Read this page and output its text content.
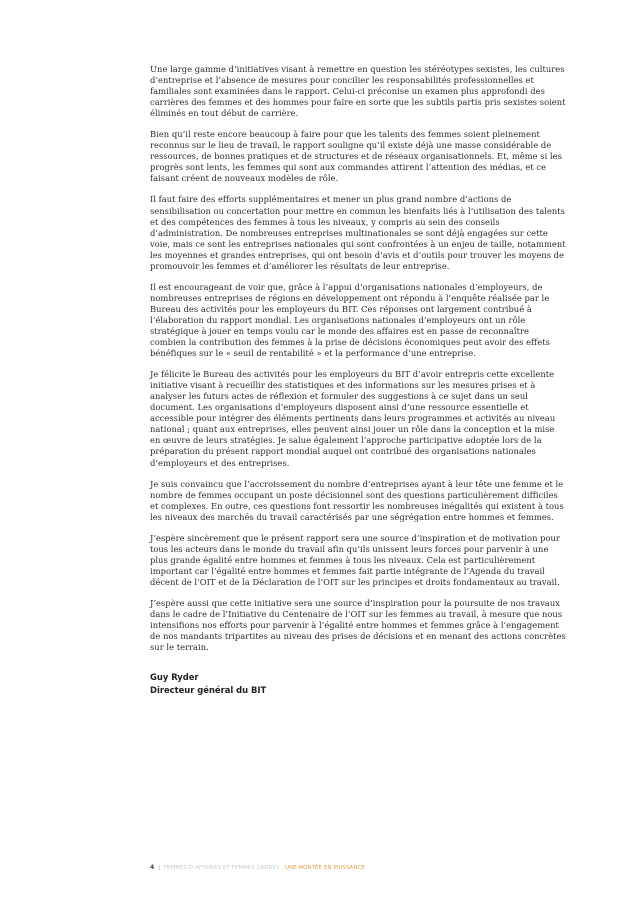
Une large gamme d’initiatives visant à remettre en question les stéréotypes sexistes, les cultures d’entreprise et l’absence de mesures pour concilier les responsabilités professionnelles et familiales sont examinées dans le rapport. Celui-ci préconise un examen plus approfondi des carrières des femmes et des hommes pour faire en sorte que les subtils partis pris sexistes soient éliminés en tout début de carrière.

Bien qu’il reste encore beaucoup à faire pour que les talents des femmes soient pleinement reconnus sur le lieu de travail, le rapport souligne qu’il existe déjà une masse considérable de ressources, de bonnes pratiques et de structures et de réseaux organisationnels. Et, même si les progrès sont lents, les femmes qui sont aux commandes attirent l’attention des médias, et ce faisant créent de nouveaux modèles de rôle.

Il faut faire des efforts supplémentaires et mener un plus grand nombre d’actions de sensibilisation ou concertation pour mettre en commun les bienfaits liés à l’utilisation des talents et des compétences des femmes à tous les niveaux, y compris au sein des conseils d’administration. De nombreuses entreprises multinationales se sont déjà engagées sur cette voie, mais ce sont les entreprises nationales qui sont confrontées à un enjeu de taille, notamment les moyennes et grandes entreprises, qui ont besoin d’avis et d’outils pour trouver les moyens de promouvoir les femmes et d’améliorer les résultats de leur entreprise.

Il est encourageant de voir que, grâce à l’appui d’organisations nationales d’employeurs, de nombreuses entreprises de régions en développement ont répondu à l’enquête réalisée par le Bureau des activités pour les employeurs du BIT. Ces réponses ont largement contribué à l’élaboration du rapport mondial. Les organisations nationales d’employeurs ont un rôle stratégique à jouer en temps voulu car le monde des affaires est en passe de reconnaître combien la contribution des femmes à la prise de décisions économiques peut avoir des effets bénéfiques sur le « seuil de rentabilité » et la performance d’une entreprise.

Je félicite le Bureau des activités pour les employeurs du BIT d’avoir entrepris cette excellente initiative visant à recueillir des statistiques et des informations sur les mesures prises et à analyser les futurs actes de réflexion et formuler des suggestions à ce sujet dans un seul document. Les organisations d’employeurs disposent ainsi d’une ressource essentielle et accessible pour intégrer des éléments pertinents dans leurs programmes et activités au niveau national ; quant aux entreprises, elles peuvent ainsi jouer un rôle dans la conception et la mise en œuvre de leurs stratégies. Je salue également l’approche participative adoptée lors de la préparation du présent rapport mondial auquel ont contribué des organisations nationales d’employeurs et des entreprises.

Je suis convaincu que l’accroissement du nombre d’entreprises ayant à leur tête une femme et le nombre de femmes occupant un poste décisionnel sont des questions particulièrement difficiles et complexes. En outre, ces questions font ressortir les nombreuses inégalités qui existent à tous les niveaux des marchés du travail caractérisés par une ségrégation entre hommes et femmes.

J’espère sincèrement que le présent rapport sera une source d’inspiration et de motivation pour tous les acteurs dans le monde du travail afin qu’ils unissent leurs forces pour parvenir à une plus grande égalité entre hommes et femmes à tous les niveaux. Cela est particulièrement important car l’égalité entre hommes et femmes fait partie intégrante de l’Agenda du travail décent de l’OIT et de la Déclaration de l’OIT sur les principes et droits fondamentaux au travail.

J’espère aussi que cette initiative sera une source d’inspiration pour la poursuite de nos travaux dans le cadre de l’Initiative du Centenaire de l’OIT sur les femmes au travail, à mesure que nous intensifions nos efforts pour parvenir à l’égalité entre hommes et femmes grâce à l’engagement de nos mandants tripartites au niveau des prises de décisions et en menant des actions concrètes sur le terrain.

Guy Ryder
Directeur général du BIT
4 | FEMMES D’AFFAIRES ET FEMMES CADRES : UNE MONTÉE EN PUISSANCE
